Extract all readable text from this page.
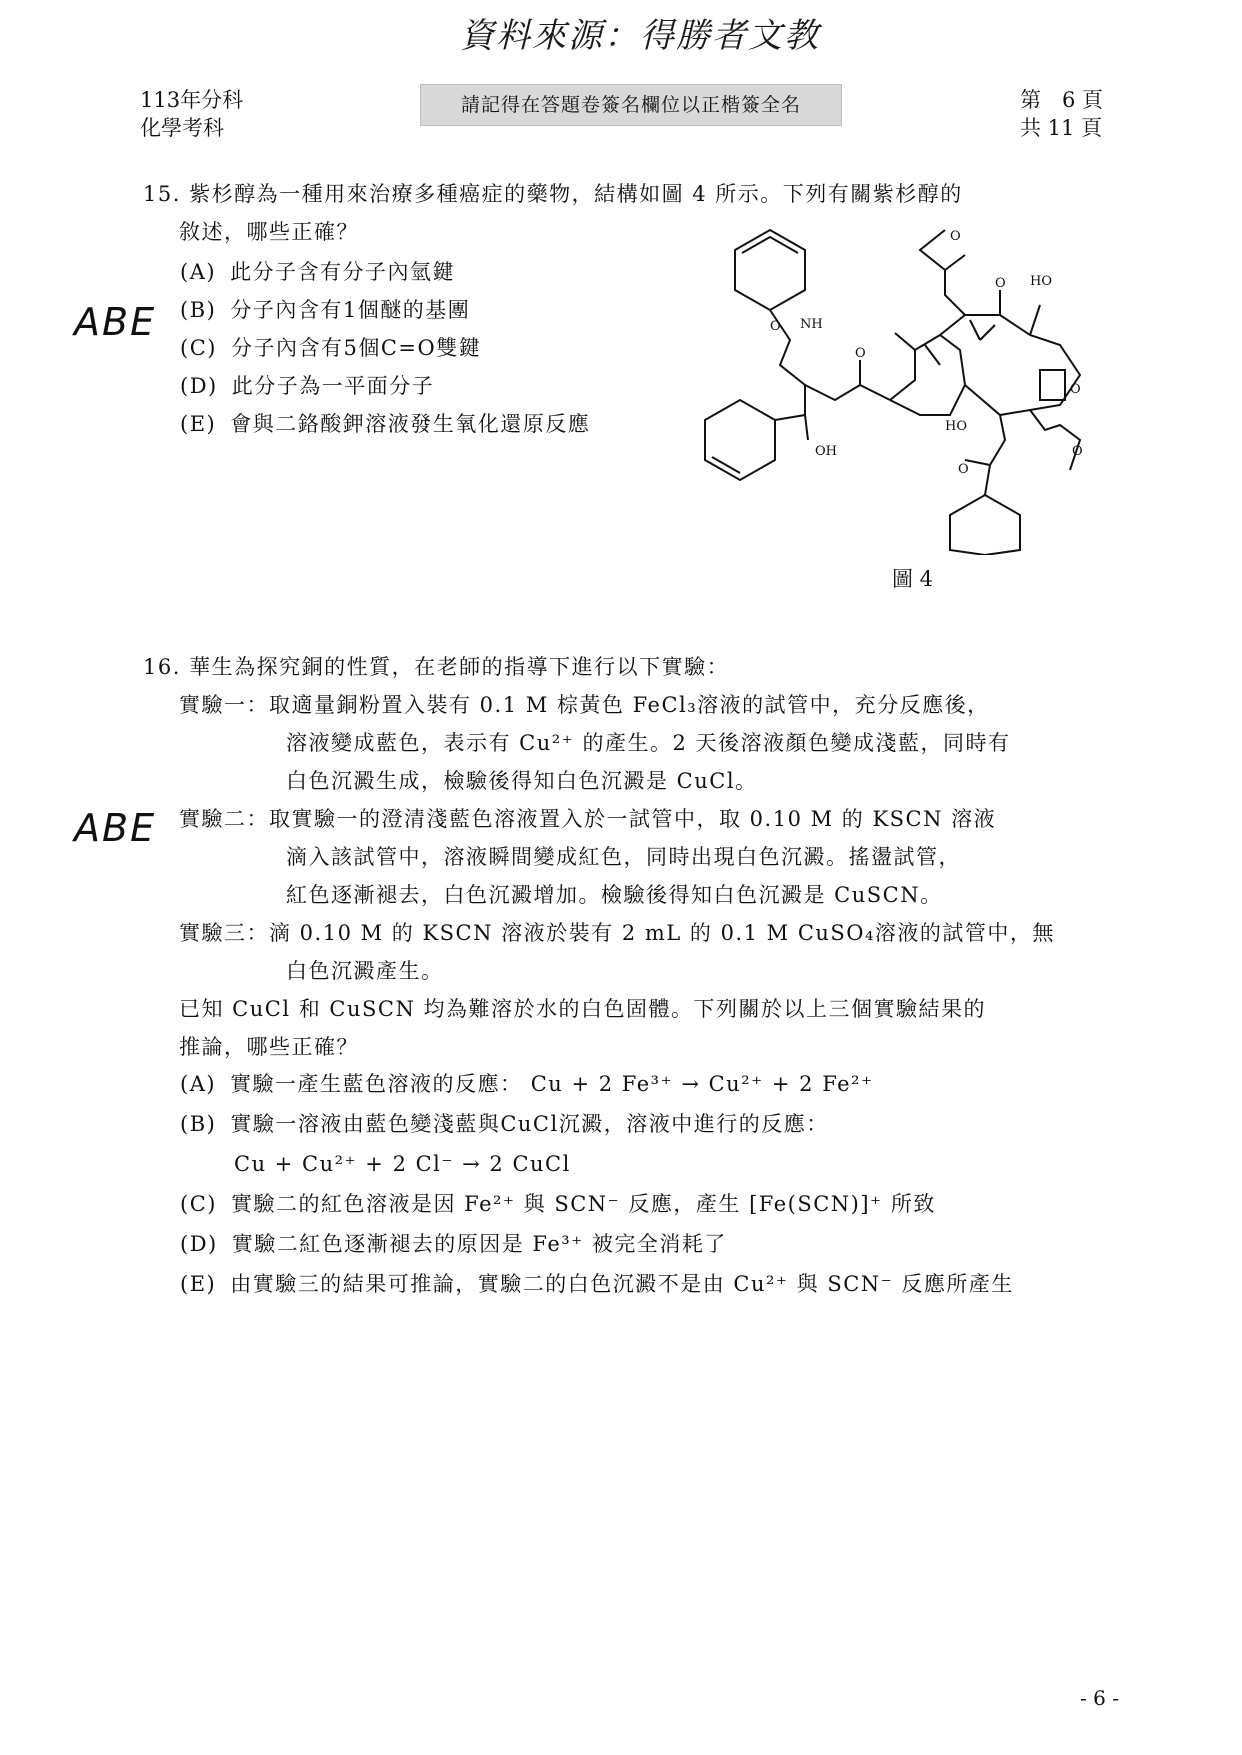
資料來源：得勝者文教
113年分科
化學考科
請記得在答題卷簽名欄位以正楷簽全名	第　6 頁
共 11 頁
15. 紫杉醇為一種用來治療多種癌症的藥物，結構如圖 4 所示。下列有關紫杉醇的
敘述，哪些正確？
(A) 此分子含有分子內氫鍵
(B) 分子內含有1個醚的基團
(C) 分子內含有5個C=O雙鍵
(D) 此分子為一平面分子
(E) 會與二鉻酸鉀溶液發生氧化還原反應
ABE	NH
O
O
OH
O
O HO
O
HO
O
O
圖 4
16. 華生為探究銅的性質，在老師的指導下進行以下實驗：
實驗一：取適量銅粉置入裝有 0.1 M 棕黃色 FeCl₃溶液的試管中，充分反應後，
溶液變成藍色，表示有 Cu²⁺ 的產生。2 天後溶液顏色變成淺藍，同時有
白色沉澱生成，檢驗後得知白色沉澱是 CuCl。
實驗二：取實驗一的澄清淺藍色溶液置入於一試管中，取 0.10 M 的 KSCN 溶液
滴入該試管中，溶液瞬間變成紅色，同時出現白色沉澱。搖盪試管，
紅色逐漸褪去，白色沉澱增加。檢驗後得知白色沉澱是 CuSCN。
實驗三：滴 0.10 M 的 KSCN 溶液於裝有 2 mL 的 0.1 M CuSO₄溶液的試管中，無
白色沉澱產生。
已知 CuCl 和 CuSCN 均為難溶於水的白色固體。下列關於以上三個實驗結果的
推論，哪些正確？
ABE
(A) 實驗一產生藍色溶液的反應： Cu + 2 Fe³⁺ → Cu²⁺ + 2 Fe²⁺
(B) 實驗一溶液由藍色變淺藍與CuCl沉澱，溶液中進行的反應：
Cu + Cu²⁺ + 2 Cl⁻ → 2 CuCl
(C) 實驗二的紅色溶液是因 Fe²⁺ 與 SCN⁻ 反應，產生 [Fe(SCN)]⁺ 所致
(D) 實驗二紅色逐漸褪去的原因是 Fe³⁺ 被完全消耗了
(E) 由實驗三的結果可推論，實驗二的白色沉澱不是由 Cu²⁺ 與 SCN⁻ 反應所產生
- 6 -
